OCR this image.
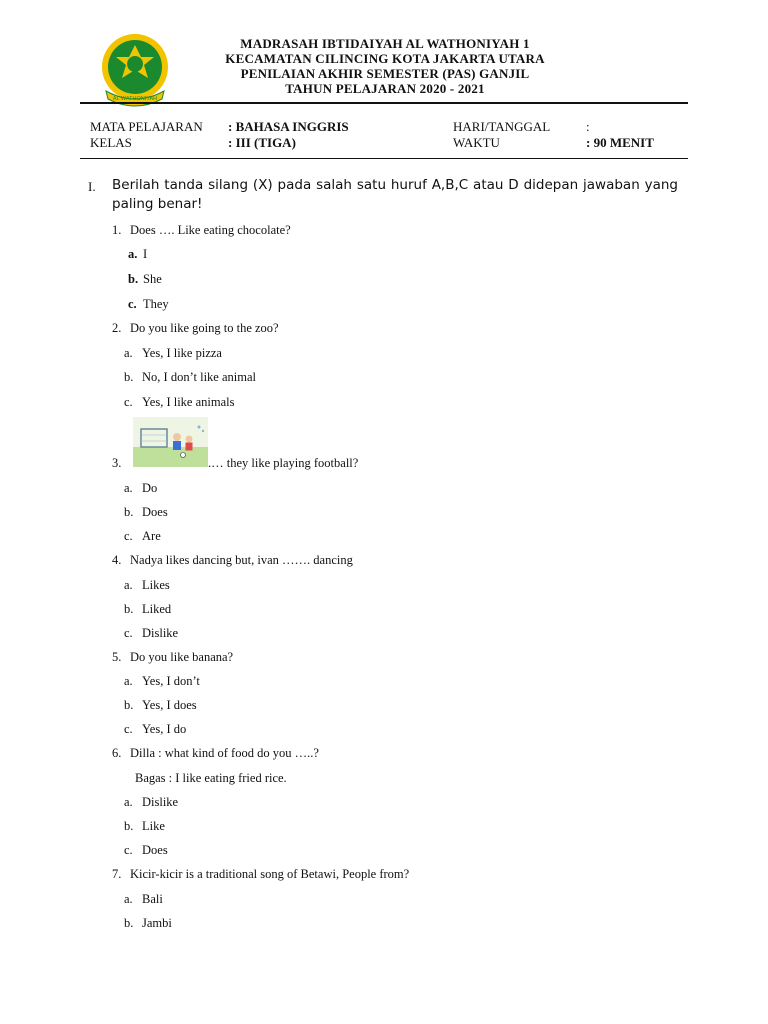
AL WATHONIYAH
MADRASAH IBTIDAIYAH AL WATHONIYAH 1
KECAMATAN CILINCING KOTA JAKARTA UTARA
PENILAIAN AKHIR SEMESTER (PAS) GANJIL
TAHUN PELAJARAN 2020 - 2021
MATA PELAJARAN : BAHASA INGGRIS
KELAS	: III (TIGA)
HARI/TANGGAL	:
WAKTU	: 90 MENIT
I. Berilah tanda silang (X) pada salah satu huruf A,B,C atau D didepan jawaban yang paling benar!
1. Does …. Like eating chocolate?
a. I
b. She
c. They
2. Do you like going to the zoo?
a. Yes, I like pizza
b. No, I don’t like animal
c. Yes, I like animals
3.	.… they like playing football?
a. Do
b. Does
c. Are
4. Nadya likes dancing but, ivan ……. dancing
a. Likes
b. Liked
c. Dislike
5. Do you like banana?
a. Yes, I don’t
b. Yes, I does
c. Yes, I do
6. Dilla : what kind of food do you …..?
Bagas : I like eating fried rice.
a. Dislike
b. Like
c. Does
7. Kicir-kicir is a traditional song of Betawi, People from?
a. Bali
b. Jambi
